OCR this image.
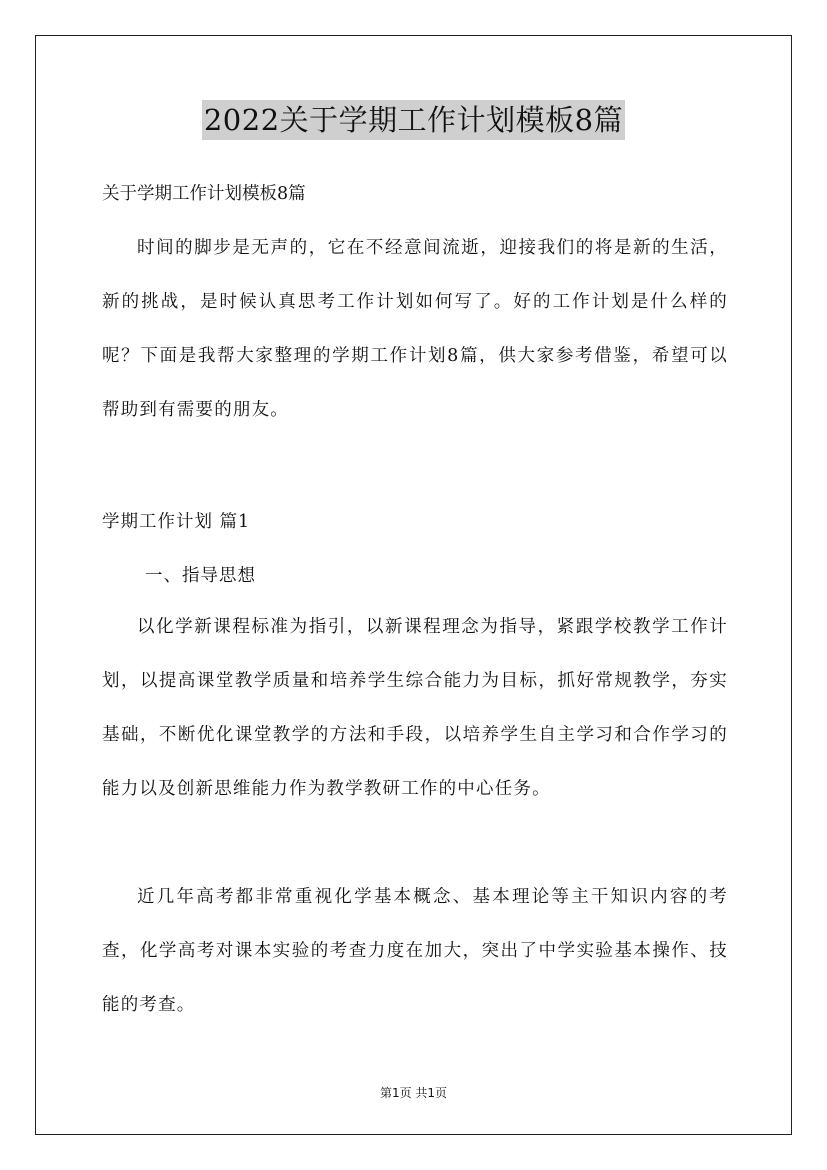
2022关于学期工作计划模板8篇
关于学期工作计划模板8篇
时间的脚步是无声的，它在不经意间流逝，迎接我们的将是新的生活，新的挑战，是时候认真思考工作计划如何写了。好的工作计划是什么样的呢？下面是我帮大家整理的学期工作计划8篇，供大家参考借鉴，希望可以帮助到有需要的朋友。
学期工作计划 篇1
一、指导思想
以化学新课程标准为指引，以新课程理念为指导，紧跟学校教学工作计划，以提高课堂教学质量和培养学生综合能力为目标，抓好常规教学，夯实基础，不断优化课堂教学的方法和手段，以培养学生自主学习和合作学习的能力以及创新思维能力作为教学教研工作的中心任务。
近几年高考都非常重视化学基本概念、基本理论等主干知识内容的考查，化学高考对课本实验的考查力度在加大，突出了中学实验基本操作、技能的考查。
第1页 共1页
